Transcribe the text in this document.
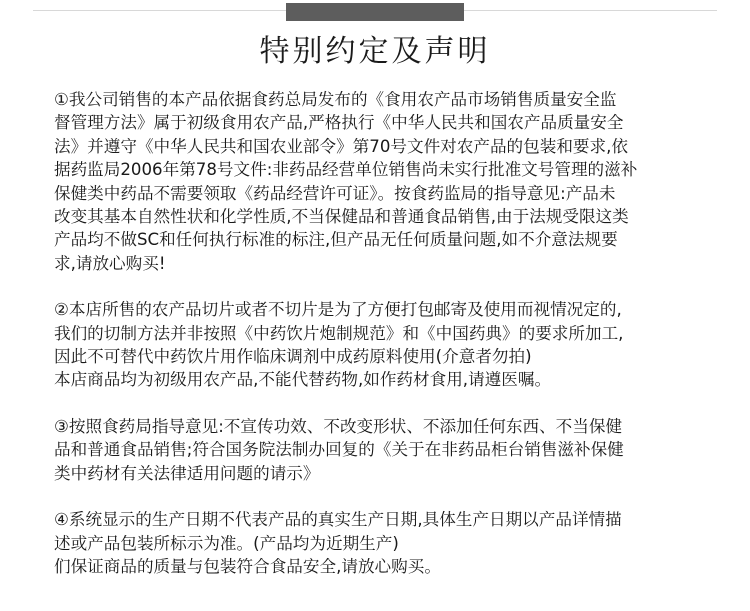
特别约定及声明

①我公司销售的本产品依据食药总局发布的《食用农产品市场销售质量安全监
督管理方法》属于初级食用农产品,严格执行《中华人民共和国农产品质量安全
法》并遵守《中华人民共和国农业部令》第70号文件对农产品的包装和要求,依
据药监局2006年第78号文件:非药品经营单位销售尚未实行批准文号管理的滋补
保健类中药品不需要领取《药品经营许可证》。按食药监局的指导意见:产品未
改变其基本自然性状和化学性质,不当保健品和普通食品销售,由于法规受限这类
产品均不做SC和任何执行标准的标注,但产品无任何质量问题,如不介意法规要
求,请放心购买!

②本店所售的农产品切片或者不切片是为了方便打包邮寄及使用而视情况定的,
我们的切制方法并非按照《中药饮片炮制规范》和《中国药典》的要求所加工,
因此不可替代中药饮片用作临床调剂中成药原料使用(介意者勿拍)
本店商品均为初级用农产品,不能代替药物,如作药材食用,请遵医嘱。

③按照食药局指导意见:不宣传功效、不改变形状、不添加任何东西、不当保健
品和普通食品销售;符合国务院法制办回复的《关于在非药品柜台销售滋补保健
类中药材有关法律适用问题的请示》

④系统显示的生产日期不代表产品的真实生产日期,具体生产日期以产品详情描
述或产品包装所标示为准。(产品均为近期生产)
们保证商品的质量与包装符合食品安全,请放心购买。
